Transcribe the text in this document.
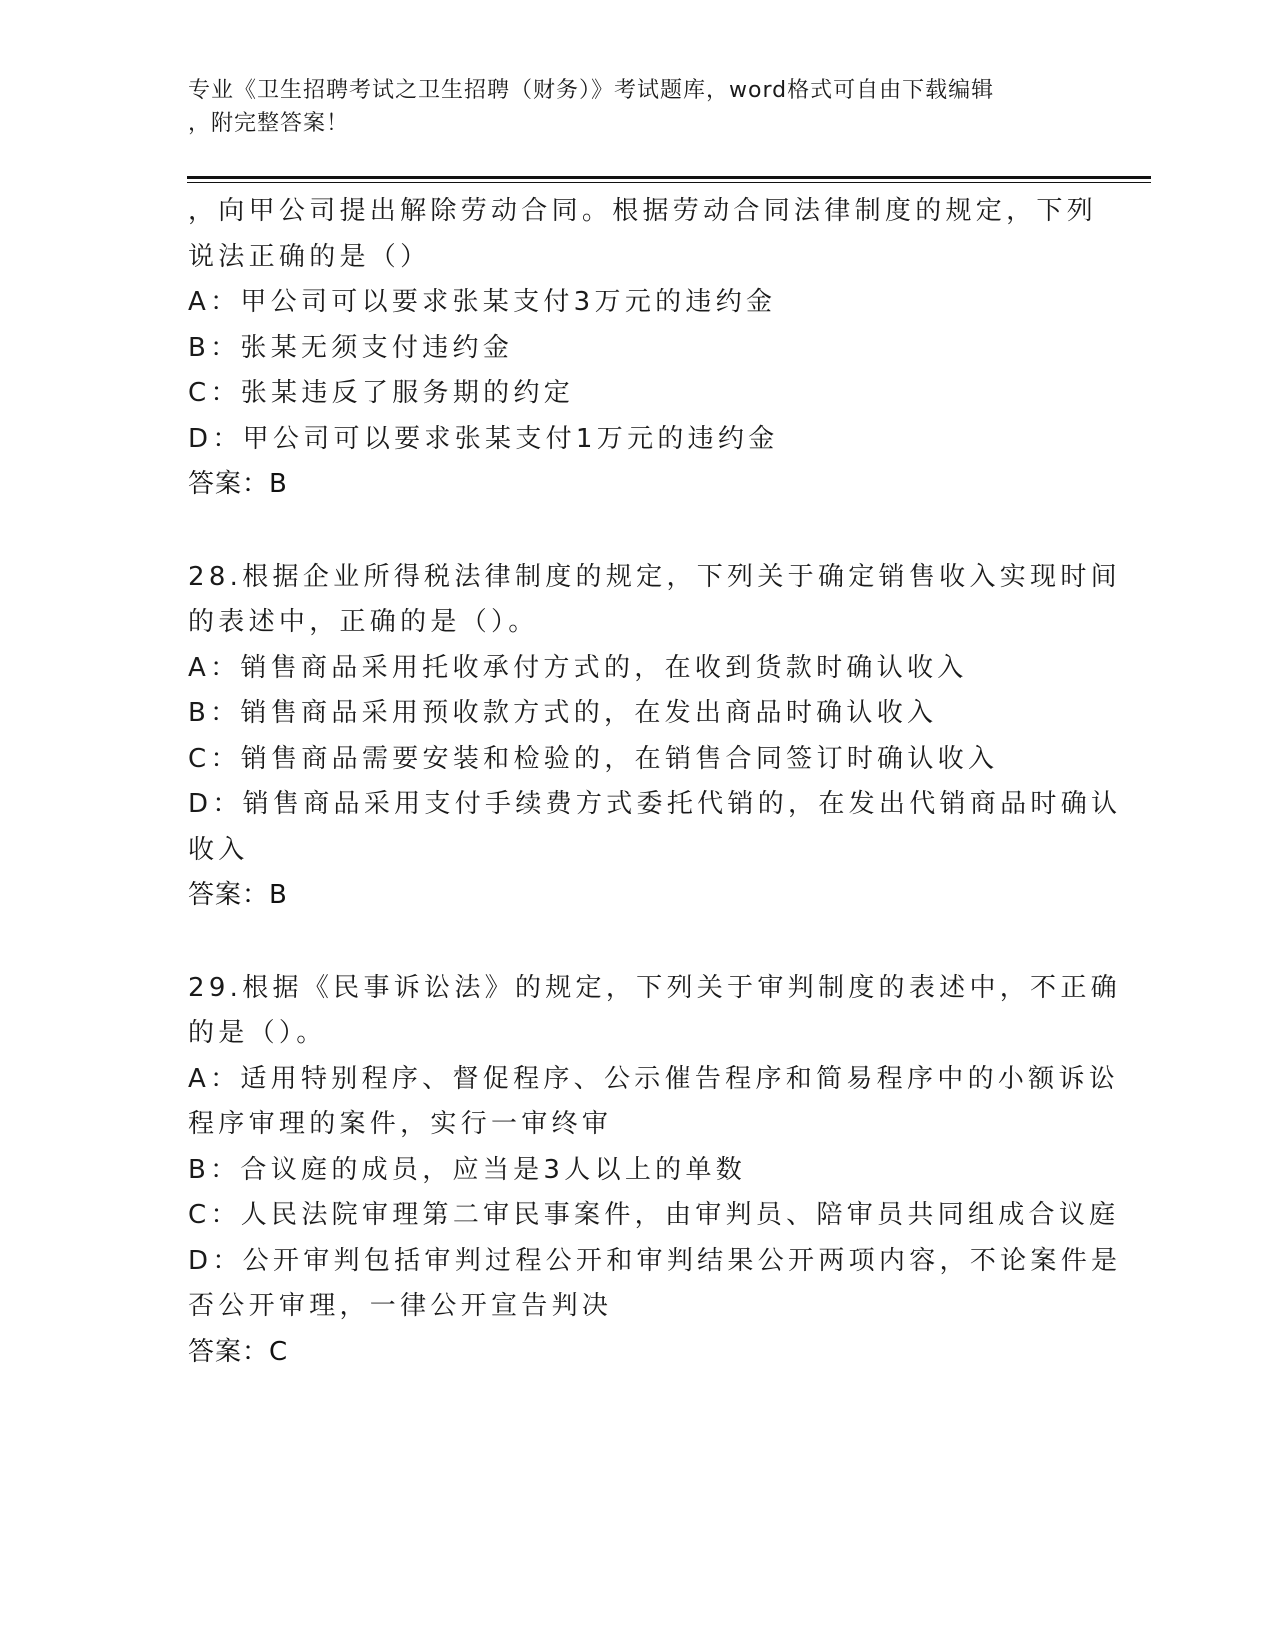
专业《卫生招聘考试之卫生招聘（财务）》考试题库，word格式可自由下载编辑
，附完整答案！
，向甲公司提出解除劳动合同。根据劳动合同法律制度的规定，下列
说法正确的是（）
A：甲公司可以要求张某支付3万元的违约金
B：张某无须支付违约金
C：张某违反了服务期的约定
D：甲公司可以要求张某支付1万元的违约金
答案：B
28.根据企业所得税法律制度的规定，下列关于确定销售收入实现时间
的表述中，正确的是（）。
A：销售商品采用托收承付方式的，在收到货款时确认收入
B：销售商品采用预收款方式的，在发出商品时确认收入
C：销售商品需要安装和检验的，在销售合同签订时确认收入
D：销售商品采用支付手续费方式委托代销的，在发出代销商品时确认
收入
答案：B
29.根据《民事诉讼法》的规定，下列关于审判制度的表述中，不正确
的是（）。
A：适用特别程序、督促程序、公示催告程序和简易程序中的小额诉讼
程序审理的案件，实行一审终审
B：合议庭的成员，应当是3人以上的单数
C：人民法院审理第二审民事案件，由审判员、陪审员共同组成合议庭
D：公开审判包括审判过程公开和审判结果公开两项内容，不论案件是
否公开审理，一律公开宣告判决
答案：C
